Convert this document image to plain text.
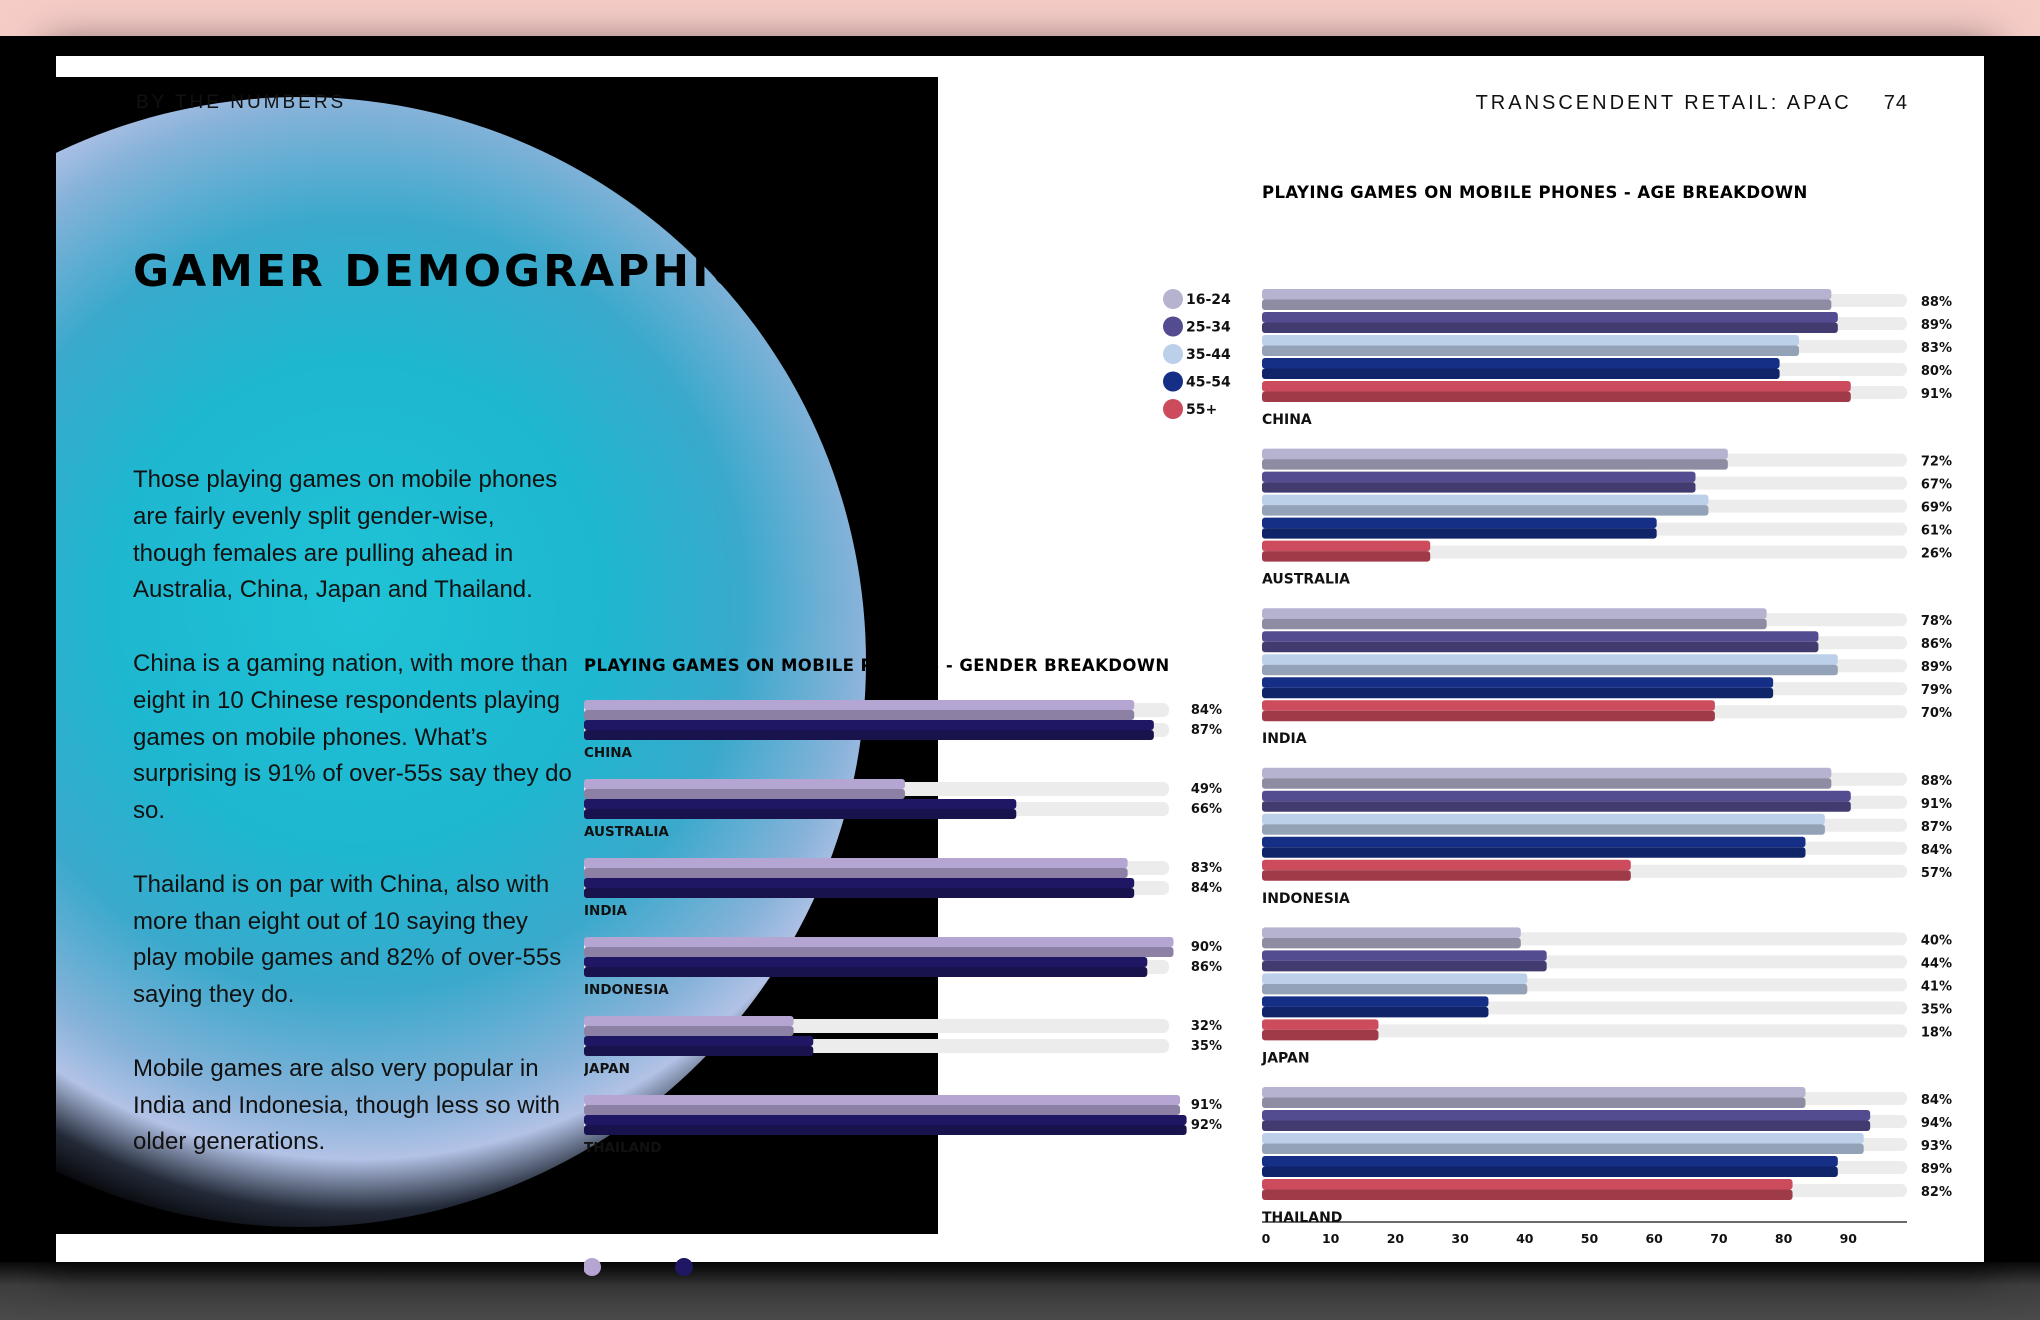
BY THE NUMBERS	TRANSCENDENT RETAIL: APAC 74
GAMER DEMOGRAPHICS

Those playing games on mobile phones are fairly evenly split gender-wise, though females are pulling ahead in Australia, China, Japan and Thailand.

China is a gaming nation, with more than eight in 10 Chinese respondents playing games on mobile phones. What’s surprising is 91% of over-55s say they do so.

Thailand is on par with China, also with more than eight out of 10 saying they play mobile games and 82% of over-55s saying they do.

Mobile games are also very popular in India and Indonesia, though less so with older generations.

PLAYING GAMES ON MOBILE PHONES - GENDER BREAKDOWN
84%
87%
CHINA
49%
66%
AUSTRALIA
83%
84%
INDIA
90%
86%
INDONESIA
32%
35%
JAPAN
91%
92%
THAILAND
PLAYING GAMES ON MOBILE PHONES - AGE BREAKDOWN
16-24
25-34
35-44
45-54
55+
88%
89%
83%
80%
91%
CHINA
72%
67%
69%
61%
26%
AUSTRALIA
78%
86%
89%
79%
70%
INDIA
88%
91%
87%
84%
57%
INDONESIA
40%
44%
41%
35%
18%
JAPAN
84%
94%
93%
89%
82%
THAILAND
0	10	20	30	40	50	60	70	80	90
